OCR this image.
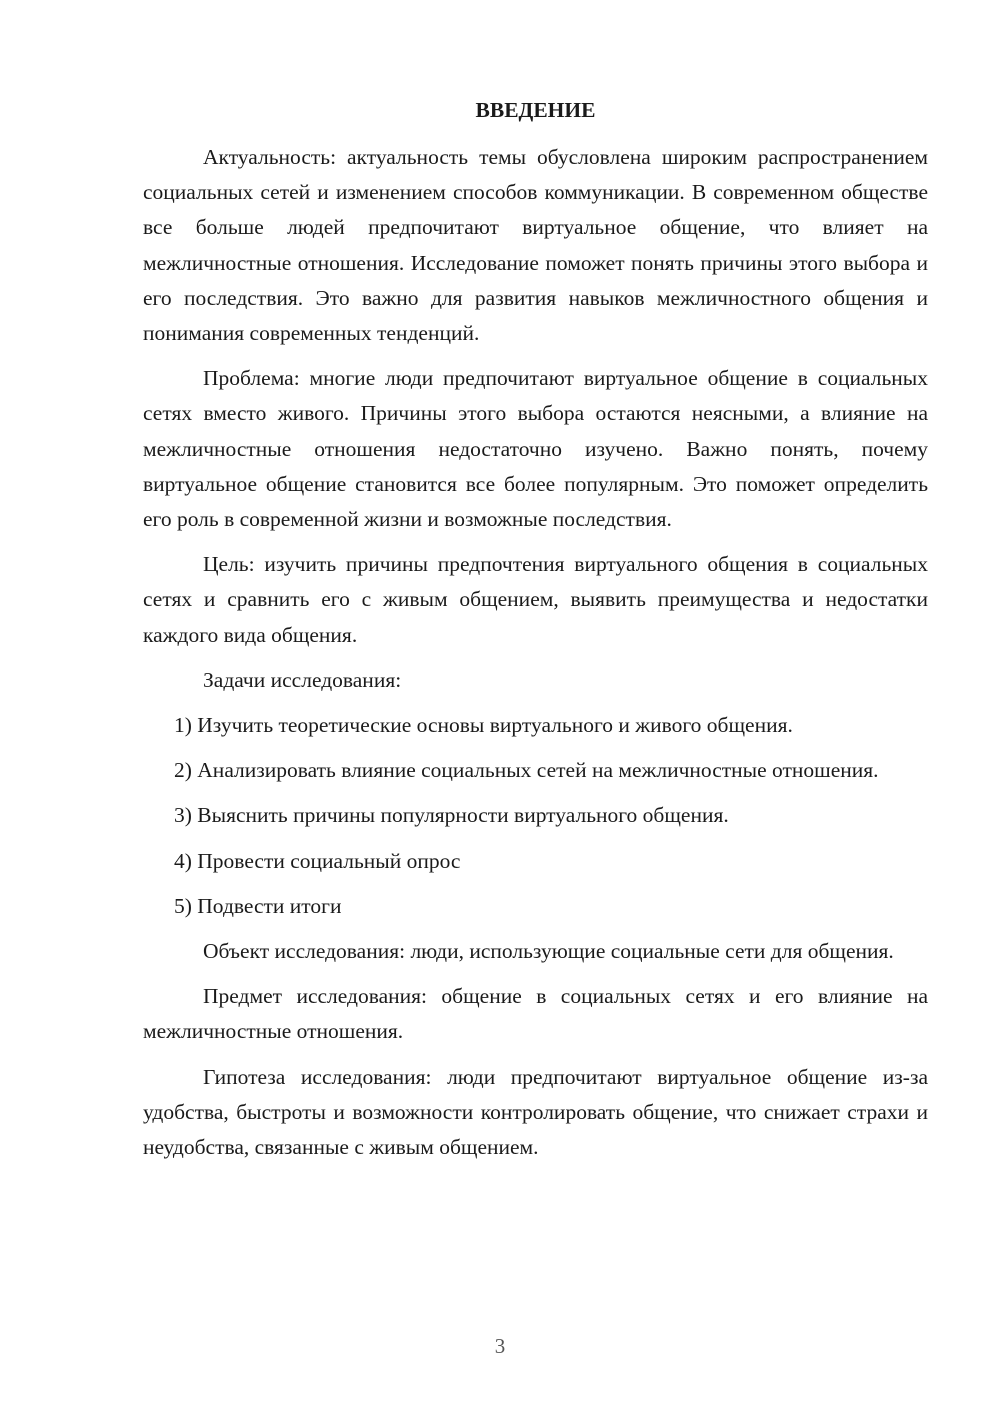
ВВЕДЕНИЕ

Актуальность: актуальность темы обусловлена широким распространением социальных сетей и изменением способов коммуникации. В современном обществе все больше людей предпочитают виртуальное общение, что влияет на межличностные отношения. Исследование поможет понять причины этого выбора и его последствия. Это важно для развития навыков межличностного общения и понимания современных тенденций.

Проблема: многие люди предпочитают виртуальное общение в социальных сетях вместо живого. Причины этого выбора остаются неясными, а влияние на межличностные отношения недостаточно изучено. Важно понять, почему виртуальное общение становится все более популярным. Это поможет определить его роль в современной жизни и возможные последствия.

Цель: изучить причины предпочтения виртуального общения в социальных сетях и сравнить его с живым общением, выявить преимущества и недостатки каждого вида общения.

Задачи исследования:

1) Изучить теоретические основы виртуального и живого общения.

2) Анализировать влияние социальных сетей на межличностные отношения.

3) Выяснить причины популярности виртуального общения.

4) Провести социальный опрос

5) Подвести итоги

Объект исследования: люди, использующие социальные сети для общения.

Предмет исследования: общение в социальных сетях и его влияние на межличностные отношения.

Гипотеза исследования: люди предпочитают виртуальное общение из-за удобства, быстроты и возможности контролировать общение, что снижает страхи и неудобства, связанные с живым общением.

3
